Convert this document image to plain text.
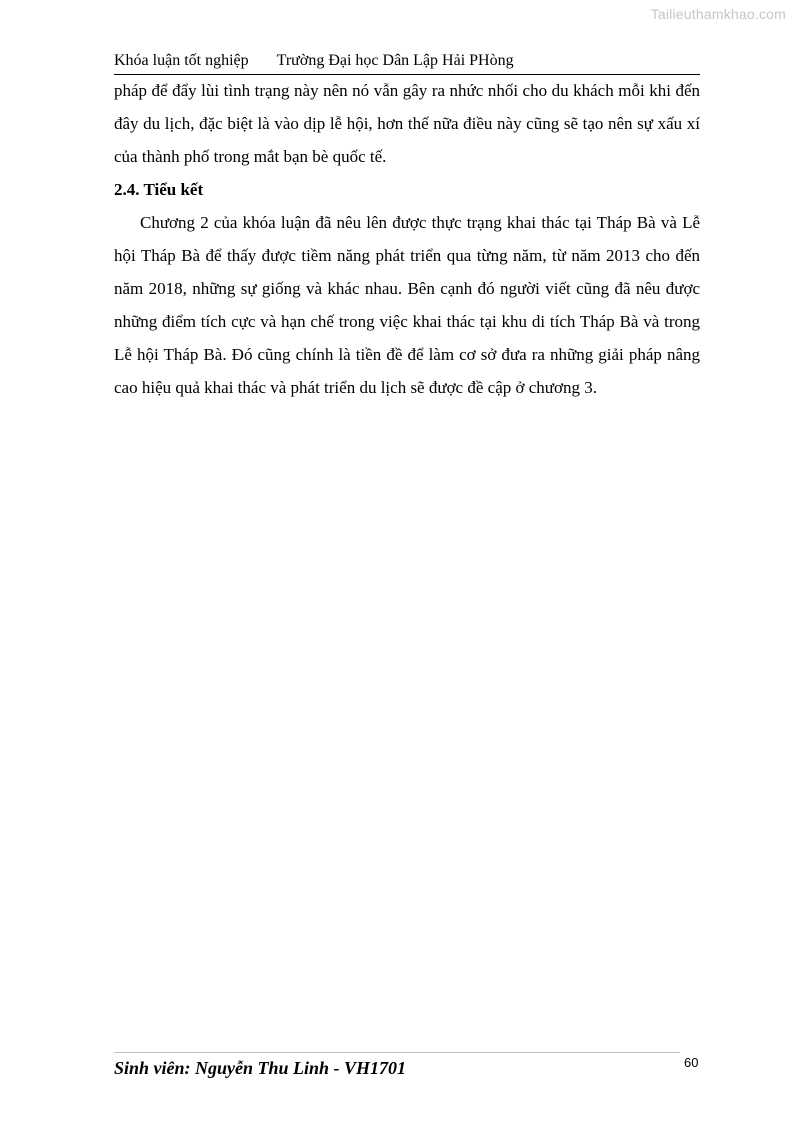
Tailieuthamkhao.com
Khóa luận tốt nghiệp Trường Đại học Dân Lập Hải PHòng

pháp để đẩy lùi tình trạng này nên nó vẫn gây ra nhức nhối cho du khách mỗi khi đến đây du lịch, đặc biệt là vào dịp lễ hội, hơn thế nữa điều này cũng sẽ tạo nên sự xấu xí của thành phố trong mắt bạn bè quốc tế.

2.4. Tiểu kết

Chương 2 của khóa luận đã nêu lên được thực trạng khai thác tại Tháp Bà và Lễ hội Tháp Bà để thấy được tiềm năng phát triển qua từng năm, từ năm 2013 cho đến năm 2018, những sự giống và khác nhau. Bên cạnh đó người viết cũng đã nêu được những điểm tích cực và hạn chế trong việc khai thác tại khu di tích Tháp Bà và trong Lễ hội Tháp Bà. Đó cũng chính là tiền đề để làm cơ sở đưa ra những giải pháp nâng cao hiệu quả khai thác và phát triển du lịch sẽ được đề cập ở chương 3.

Sinh viên: Nguyễn Thu Linh - VH1701	60
